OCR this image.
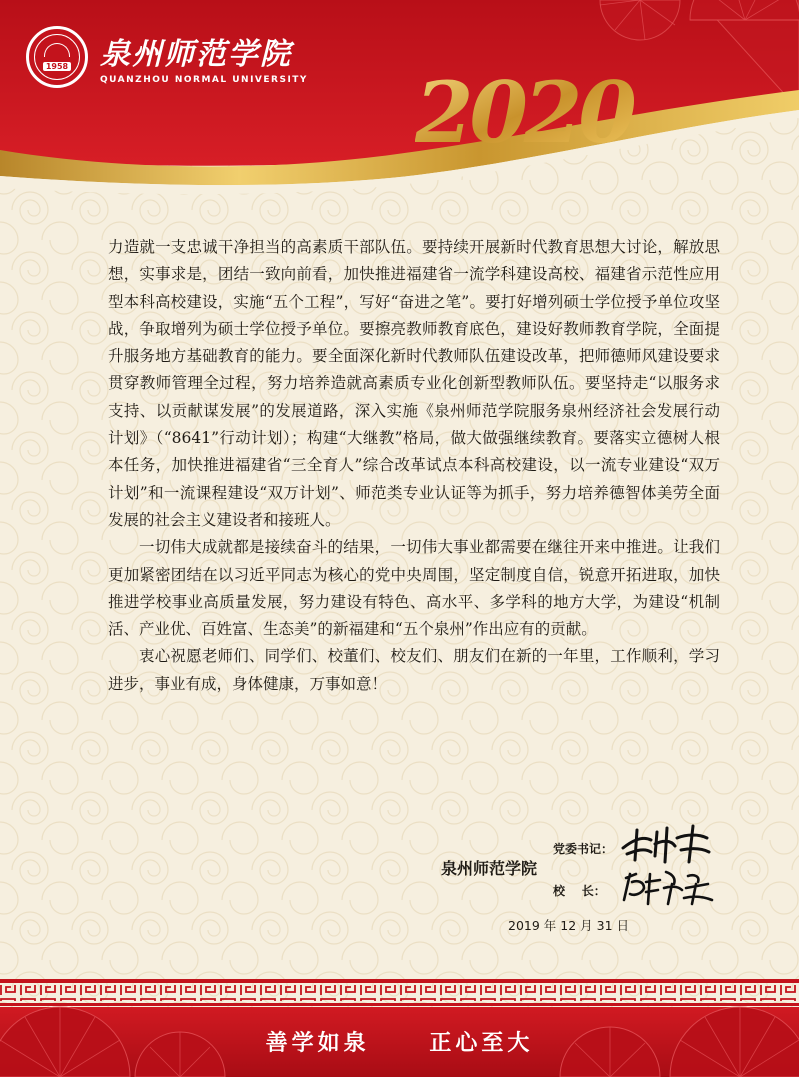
1958 泉州师范学院
QUANZHOU NORMAL UNIVERSITY 2020

力造就一支忠诚干净担当的高素质干部队伍。要持续开展新时代教育思想大讨论，解放思想，实事求是，团结一致向前看，加快推进福建省一流学科建设高校、福建省示范性应用型本科高校建设，实施“五个工程”，写好“奋进之笔”。要打好增列硕士学位授予单位攻坚战，争取增列为硕士学位授予单位。要擦亮教师教育底色，建设好教师教育学院，全面提升服务地方基础教育的能力。要全面深化新时代教师队伍建设改革，把师德师风建设要求贯穿教师管理全过程，努力培养造就高素质专业化创新型教师队伍。要坚持走“以服务求支持、以贡献谋发展”的发展道路，深入实施《泉州师范学院服务泉州经济社会发展行动计划》（“8641”行动计划）；构建“大继教”格局，做大做强继续教育。要落实立德树人根本任务，加快推进福建省“三全育人”综合改革试点本科高校建设，以一流专业建设“双万计划”和一流课程建设“双万计划”、师范类专业认证等为抓手，努力培养德智体美劳全面发展的社会主义建设者和接班人。

一切伟大成就都是接续奋斗的结果，一切伟大事业都需要在继往开来中推进。让我们更加紧密团结在以习近平同志为核心的党中央周围，坚定制度自信，锐意开拓进取，加快推进学校事业高质量发展，努力建设有特色、高水平、多学科的地方大学，为建设“机制活、产业优、百姓富、生态美”的新福建和“五个泉州”作出应有的贡献。

衷心祝愿老师们、同学们、校董们、校友们、朋友们在新的一年里，工作顺利，学习进步，事业有成，身体健康，万事如意！

党委书记：
泉州师范学院
校    长：
2019 年 12 月 31 日
善学如泉	正心至大
